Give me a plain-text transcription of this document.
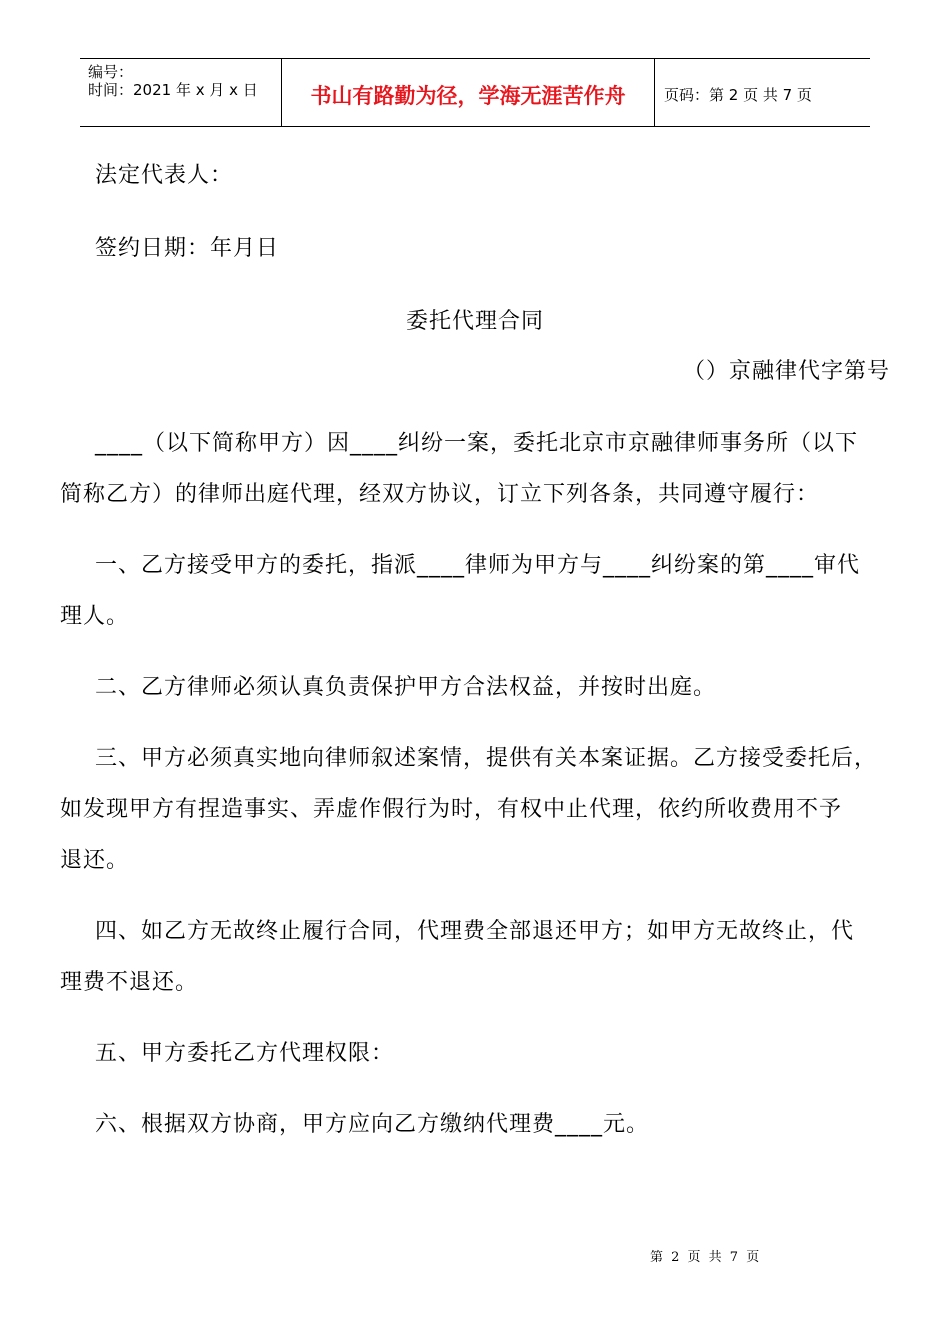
编号：
时间：2021 年 x 月 x 日	书山有路勤为径，学海无涯苦作舟	页码：第 2 页 共 7 页
法定代表人：
签约日期：年月日
委托代理合同
（）京融律代字第号
____（以下简称甲方）因____纠纷一案，委托北京市京融律师事务所（以下
简称乙方）的律师出庭代理，经双方协议，订立下列各条，共同遵守履行：
一、乙方接受甲方的委托，指派____律师为甲方与____纠纷案的第____审代
理人。
二、乙方律师必须认真负责保护甲方合法权益，并按时出庭。
三、甲方必须真实地向律师叙述案情，提供有关本案证据。乙方接受委托后，
如发现甲方有捏造事实、弄虚作假行为时，有权中止代理，依约所收费用不予
退还。
四、如乙方无故终止履行合同，代理费全部退还甲方；如甲方无故终止，代
理费不退还。
五、甲方委托乙方代理权限：
六、根据双方协商，甲方应向乙方缴纳代理费____元。
第 2 页 共 7 页
